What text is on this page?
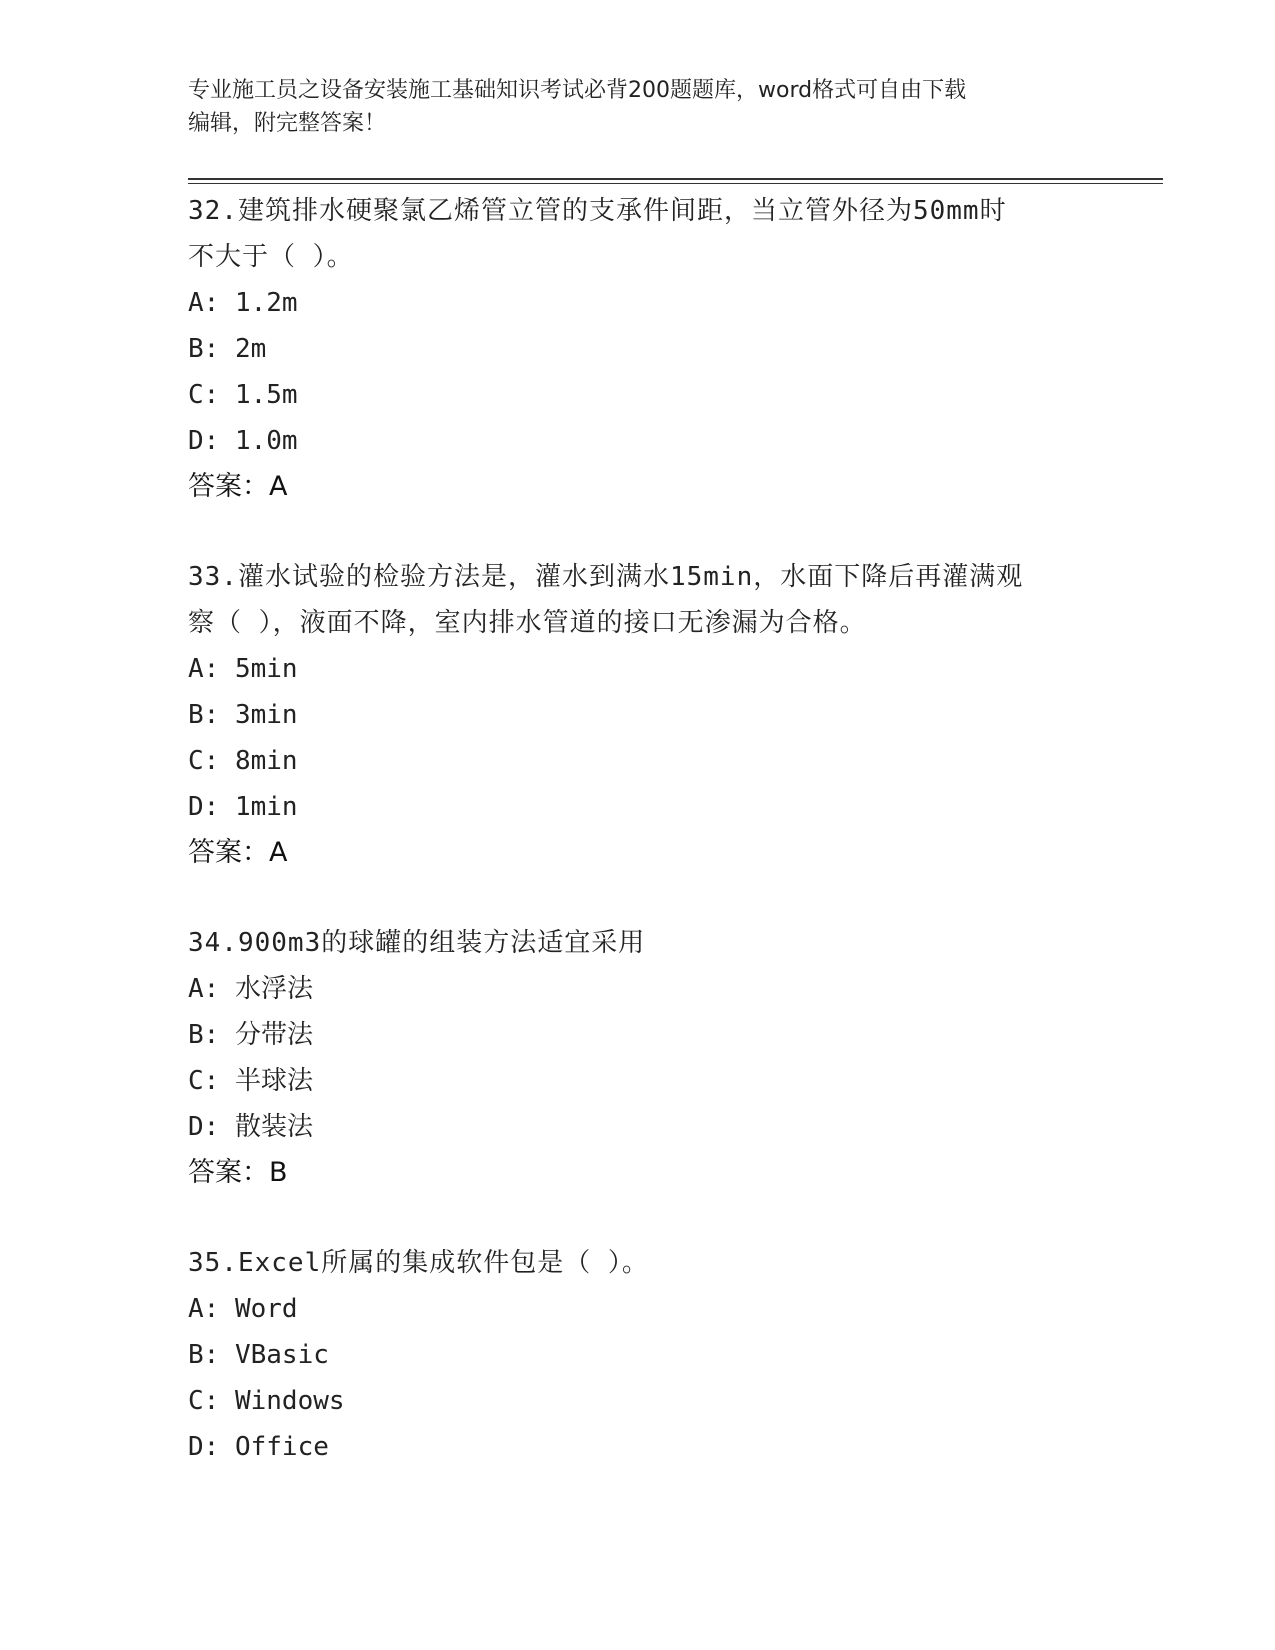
专业施工员之设备安装施工基础知识考试必背200题题库，word格式可自由下载
编辑，附完整答案！
32.建筑排水硬聚氯乙烯管立管的支承件间距，当立管外径为50mm时
不大于（ ）。
A: 1.2m
B: 2m
C: 1.5m
D: 1.0m
答案：A
33.灌水试验的检验方法是，灌水到满水15min，水面下降后再灌满观
察（ ），液面不降，室内排水管道的接口无渗漏为合格。
A: 5min
B: 3min
C: 8min
D: 1min
答案：A
34.900m3的球罐的组装方法适宜采用
A: 水浮法
B: 分带法
C: 半球法
D: 散装法
答案：B
35.Excel所属的集成软件包是（ ）。
A: Word
B: VBasic
C: Windows
D: Office
